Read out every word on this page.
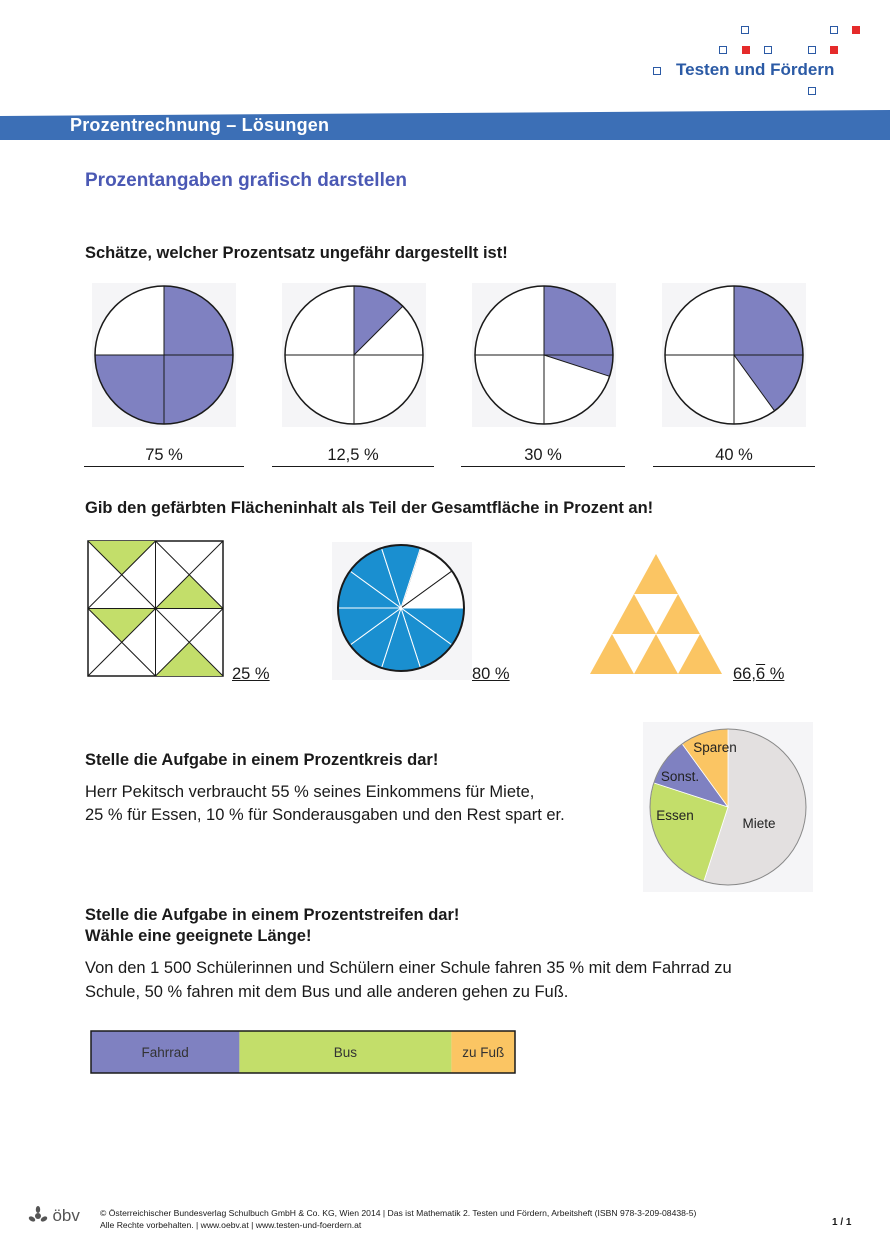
Testen und Fördern
Prozentrechnung – Lösungen
Prozentangaben grafisch darstellen
Schätze, welcher Prozentsatz ungefähr dargestellt ist!
75 %	12,5 %	30 %	40 %
Gib den gefärbten Flächeninhalt als Teil der Gesamtfläche in Prozent an!
25 %	80 %	66,6 %
Stelle die Aufgabe in einem Prozentkreis dar!
Herr Pekitsch verbraucht 55 % seines Einkommens für Miete,
25 % für Essen, 10 % für Sonderausgaben und den Rest spart er.	Miete
Essen
Sonst.
Sparen
Stelle die Aufgabe in einem Prozentstreifen dar!
Wähle eine geeignete Länge!
Von den 1 500 Schülerinnen und Schülern einer Schule fahren 35 % mit dem Fahrrad zu
Schule, 50 % fahren mit dem Bus und alle anderen gehen zu Fuß.
Fahrrad	Bus	zu Fuß
öbv © Österreichischer Bundesverlag Schulbuch GmbH & Co. KG, Wien 2014 | Das ist Mathematik 2. Testen und Fördern, Arbeitsheft (ISBN 978-3-209-08438-5)
Alle Rechte vorbehalten. | www.oebv.at | www.testen-und-foerdern.at	1 / 1
